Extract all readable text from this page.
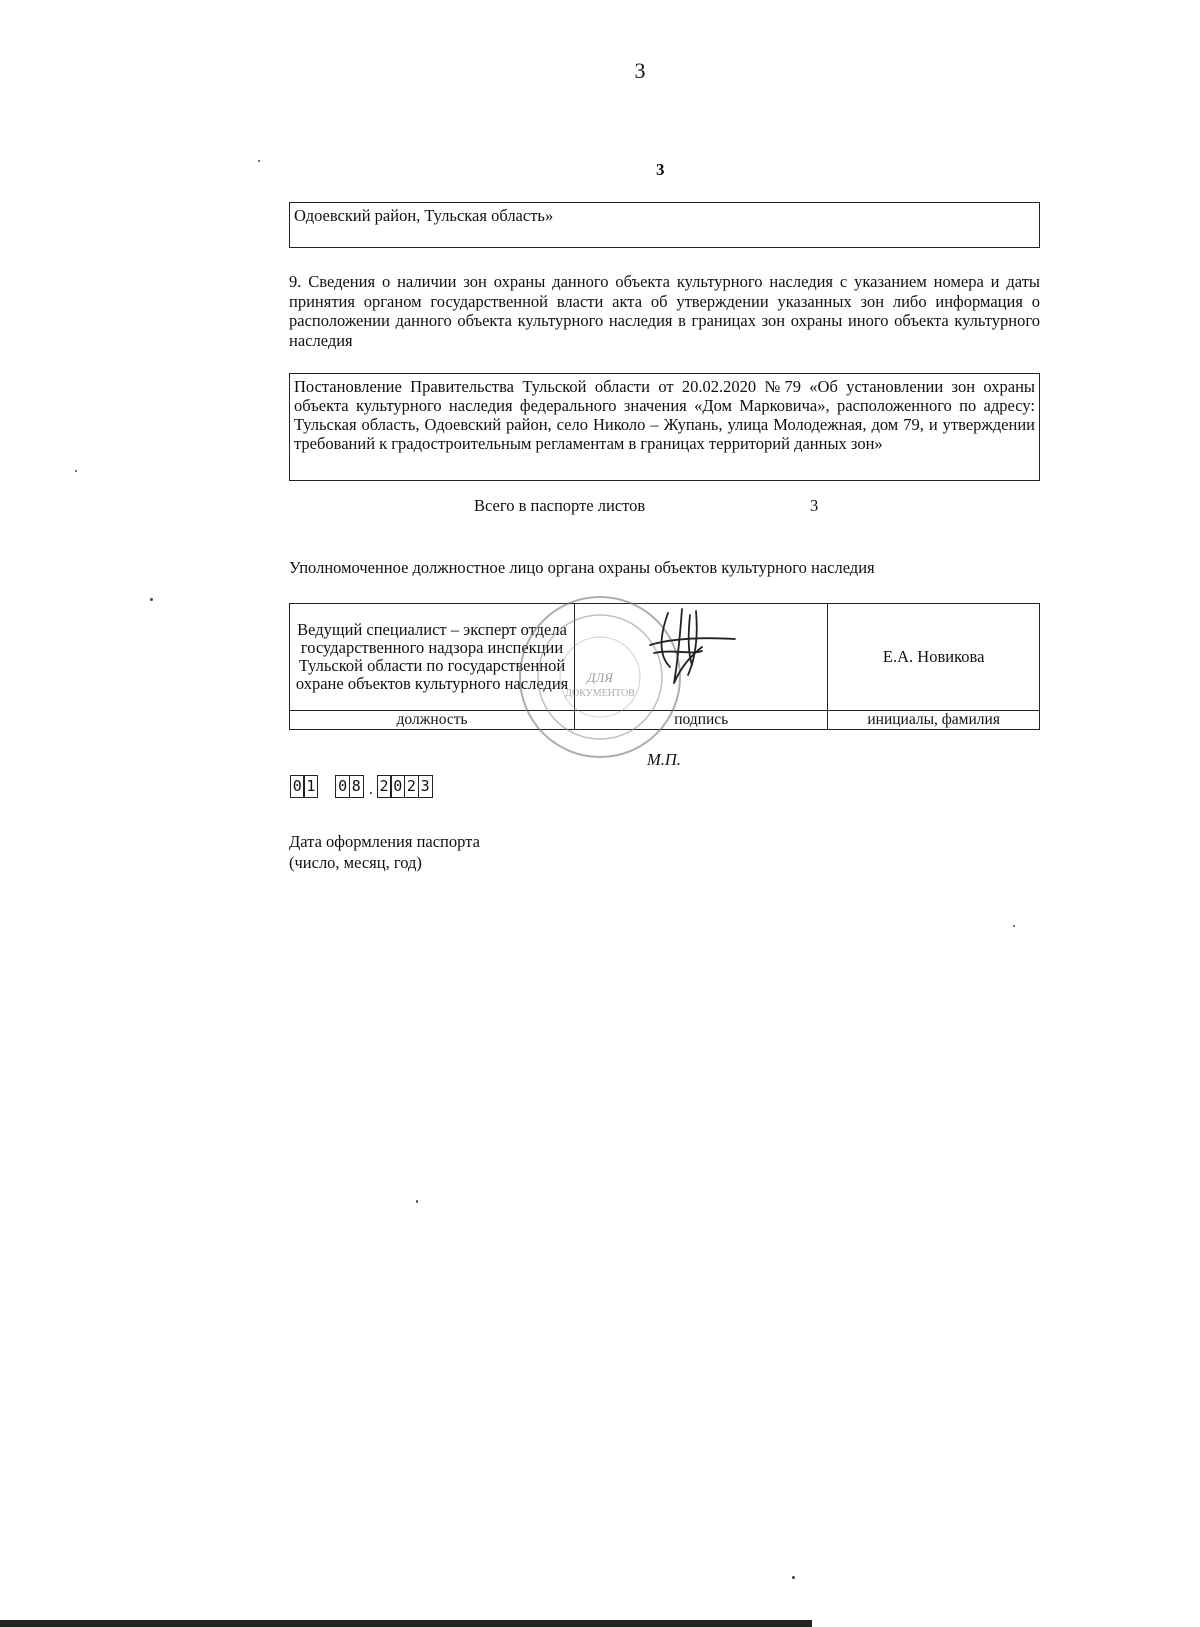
3
3
Одоевский район, Тульская область»
9. Сведения о наличии зон охраны данного объекта культурного наследия с указанием номера и даты принятия органом государственной власти акта об утверждении указанных зон либо информация о расположении данного объекта культурного наследия в границах зон охраны иного объекта культурного наследия
Постановление Правительства Тульской области от 20.02.2020 №79 «Об установлении зон охраны объекта культурного наследия федерального значения «Дом Марковича», расположенного по адресу: Тульская область, Одоевский район, село Николо – Жупань, улица Молодежная, дом 79, и утверждении требований к градостроительным регламентам в границах территорий данных зон»
Всего в паспорте листов	3
Уполномоченное должностное лицо органа охраны объектов культурного наследия
Ведущий специалист – эксперт отдела государственного надзора инспекции Тульской области по государственной охране объектов культурного наследия		Е.А. Новикова
должность	подпись	инициалы, фамилия
ДЛЯ
ДОКУМЕНТОВ
М.П.
0 1 0 8 . 2 0 2 3
Дата оформления паспорта
(число, месяц, год)
